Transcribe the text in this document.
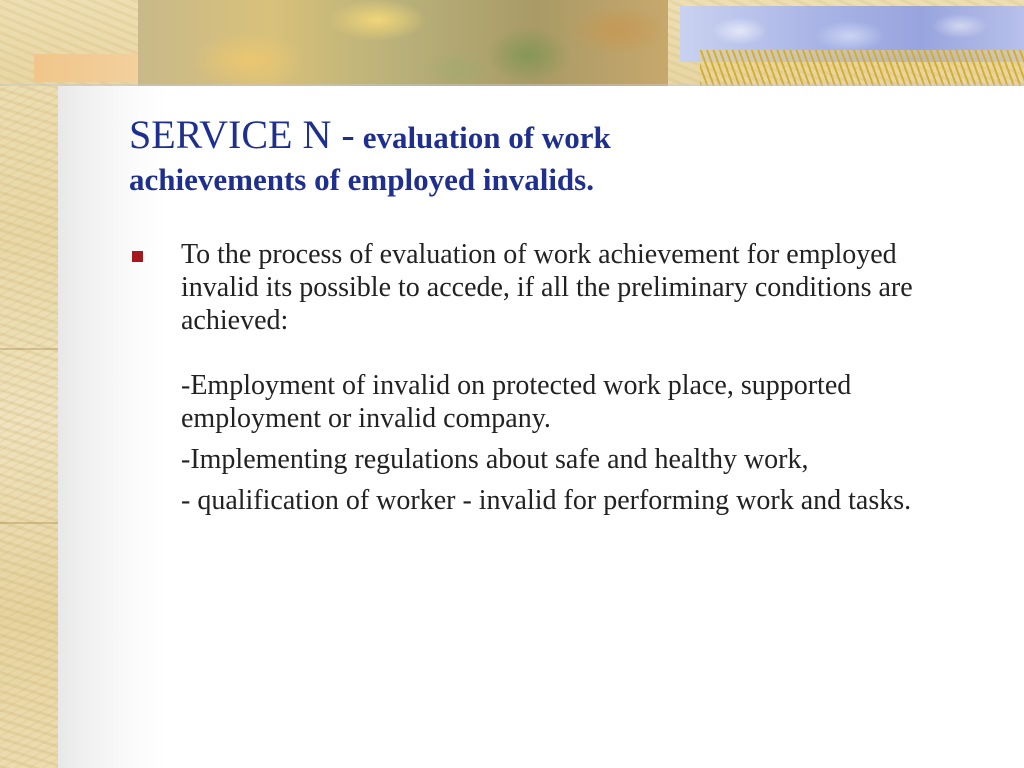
SERVICE N - evaluation of work
achievements of employed invalids.
To the process of evaluation of work achievement for employed invalid its possible to accede, if all the preliminary conditions are achieved:
-Employment of invalid on protected work place, supported employment or invalid company.
-Implementing regulations about safe and healthy work,
- qualification of worker - invalid for performing work and tasks.
